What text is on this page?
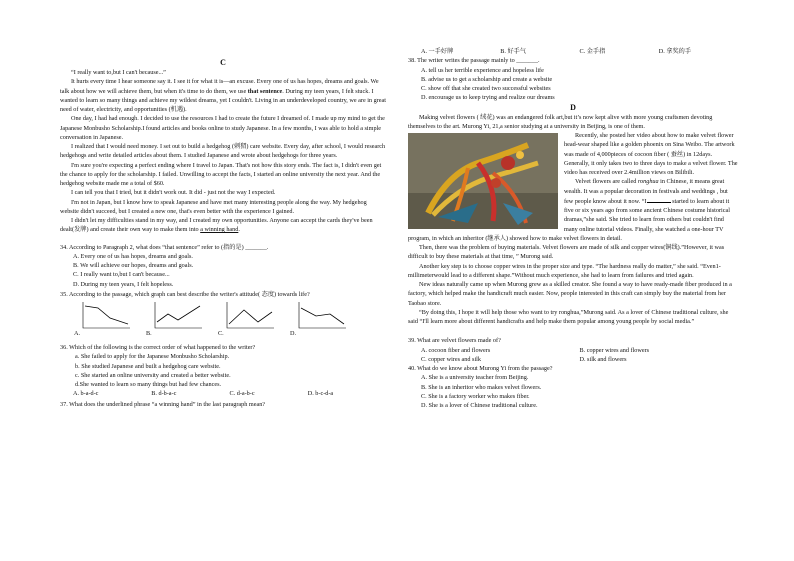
C

“I really want to,but I can't because...”

It hurts every time I hear someone say it. I see it for what it is—an excuse. Every one of us has hopes, dreams and goals. We talk about how we will achieve them, but when it's time to do them, we use that sentence. During my teen years, I felt stuck. I wanted to learn so many things and achieve my wildest dreams, yet I couldn't. Living in an underdeveloped country, we are in great need of water, electricity, and opportunities (机遇).

One day, I had had enough. I decided to use the resources I had to create the future I dreamed of. I made up my mind to get the Japanese Monbusho Scholarship.I found articles and books online to study Japanese. In a few months, I was able to hold a simple conversation in Japanese.

I realized that I would need money. I set out to build a hedgehog (刺猬) care website. Every day, after school, I would research hedgehogs and write detailed articles about them. I studied Japanese and wrote about hedgehogs for three years.

I'm sure you're expecting a perfect ending where I travel to Japan. That's not how this story ends. The fact is, I didn't even get the chance to apply for the scholarship. I failed. Unwilling to accept the facts, I started an online university the next year. And the hedgehog website made me a total of $60.

I can tell you that I tried, but it didn't work out. It did - just not the way I expected.

I'm not in Japan, but I know how to speak Japanese and have met many interesting people along the way. My hedgehog website didn't succeed, but I created a new one, that's even better with the experience I gained.

I didn't let my difficulties stand in my way, and I created my own opportunities. Anyone can accept the cards they've been dealt(发牌) and create their own way to make them into a winning hand.

34. According to Paragraph 2, what does “that sentence” refer to (指的是) _______.

A. Every one of us has hopes, dreams and goals.

B. We will achieve our hopes, dreams and goals.

C. I really want to,but I can't because...

D. During my teen years, I felt hopeless.

35. According to the passage, which graph can best describe the writer's attitude( 态度) towards life?

A.	B.	C.	D.

36. Which of the following is the correct order of what happened to the writer?

a. She failed to apply for the Japanese Monbusho Scholarship.

b. She studied Japanese and built a hedgehog care website.

c. She started an online university and created a better website.

d.She wanted to learn so many things but had few chances.

A. b-a-d-c	B. d-b-a-c	C. d-a-b-c	D. b-c-d-a

37. What does the underlined phrase “a winning hand” in the last paragraph mean?

A. 一手好牌	B. 好手气	C. 金手指	D. 拿奖的手

38. The writer writes the passage mainly to _______.

A. tell us her terrible experience and hopeless life

B. advise us to get a scholarship and create a website

C. show off that she created two successful websites

D. encourage us to keep trying and realize our dreams

D

Making velvet flowers ( 绒花) was an endangered folk art,but it’s now kept alive with more young craftsmen devoting themselves to the art. Murong Yi, 21,a senior studying at a university in Beijing, is one of them.

Recently, she posted her video about how to make velvet flower head-wear shaped like a golden phoenix on Sina Weibo. The artwork was made of 4,000pieces of cocoon fiber ( 蚕丝) in 12days. Generally, it only takes two to three days to make a velvet flower. The video has received over 2.4million views on Bilibili.

Velvet flowers are called ronghua in Chinese, it means great wealth. It was a popular decoration in festivals and weddings , but few people know about it now. “I	started to learn about it five or six years ago from some ancient Chinese costume historical dramas,”she said. She tried to learn from others but couldn't find many online tutorial videos. Finally, she watched a one-hour TV program, in which an inheritor (继承人) showed how to make velvet flowers in detail.

Then, there was the problem of buying materials. Velvet flowers are made of silk and copper wires(铜线).”However, it was difficult to buy these materials at that time, ” Murong said.

Another key step is to choose copper wires in the proper size and type. “The hardness really do matter,” she said. “Even1-millimeterwould lead to a different shape.”Without much experience, she had to learn from failures and tried again.

New ideas naturally came up when Murong grew as a skilled creator. She found a way to have ready-made fiber produced in a factory, which helped make the handicraft much easier. Now, people interested in this craft can simply buy the material from her Taobao store.

“By doing this, I hope it will help those who want to try ronghua,”Murong said. As a lover of Chinese traditional culture, she said “I'll learn more about different handicrafts and help make them popular among young people by social media.”

39. What are velvet flowers made of?

A. cocoon fiber and flowers	B. copper wires and flowers
C. copper wires and silk	D. silk and flowers

40. What do we know about Murong Yi from the passage?

A. She is a university teacher from Beijing.

B. She is an inheritor who makes velvet flowers.

C. She is a factory worker who makes fiber.

D. She is a lover of Chinese traditional culture.
